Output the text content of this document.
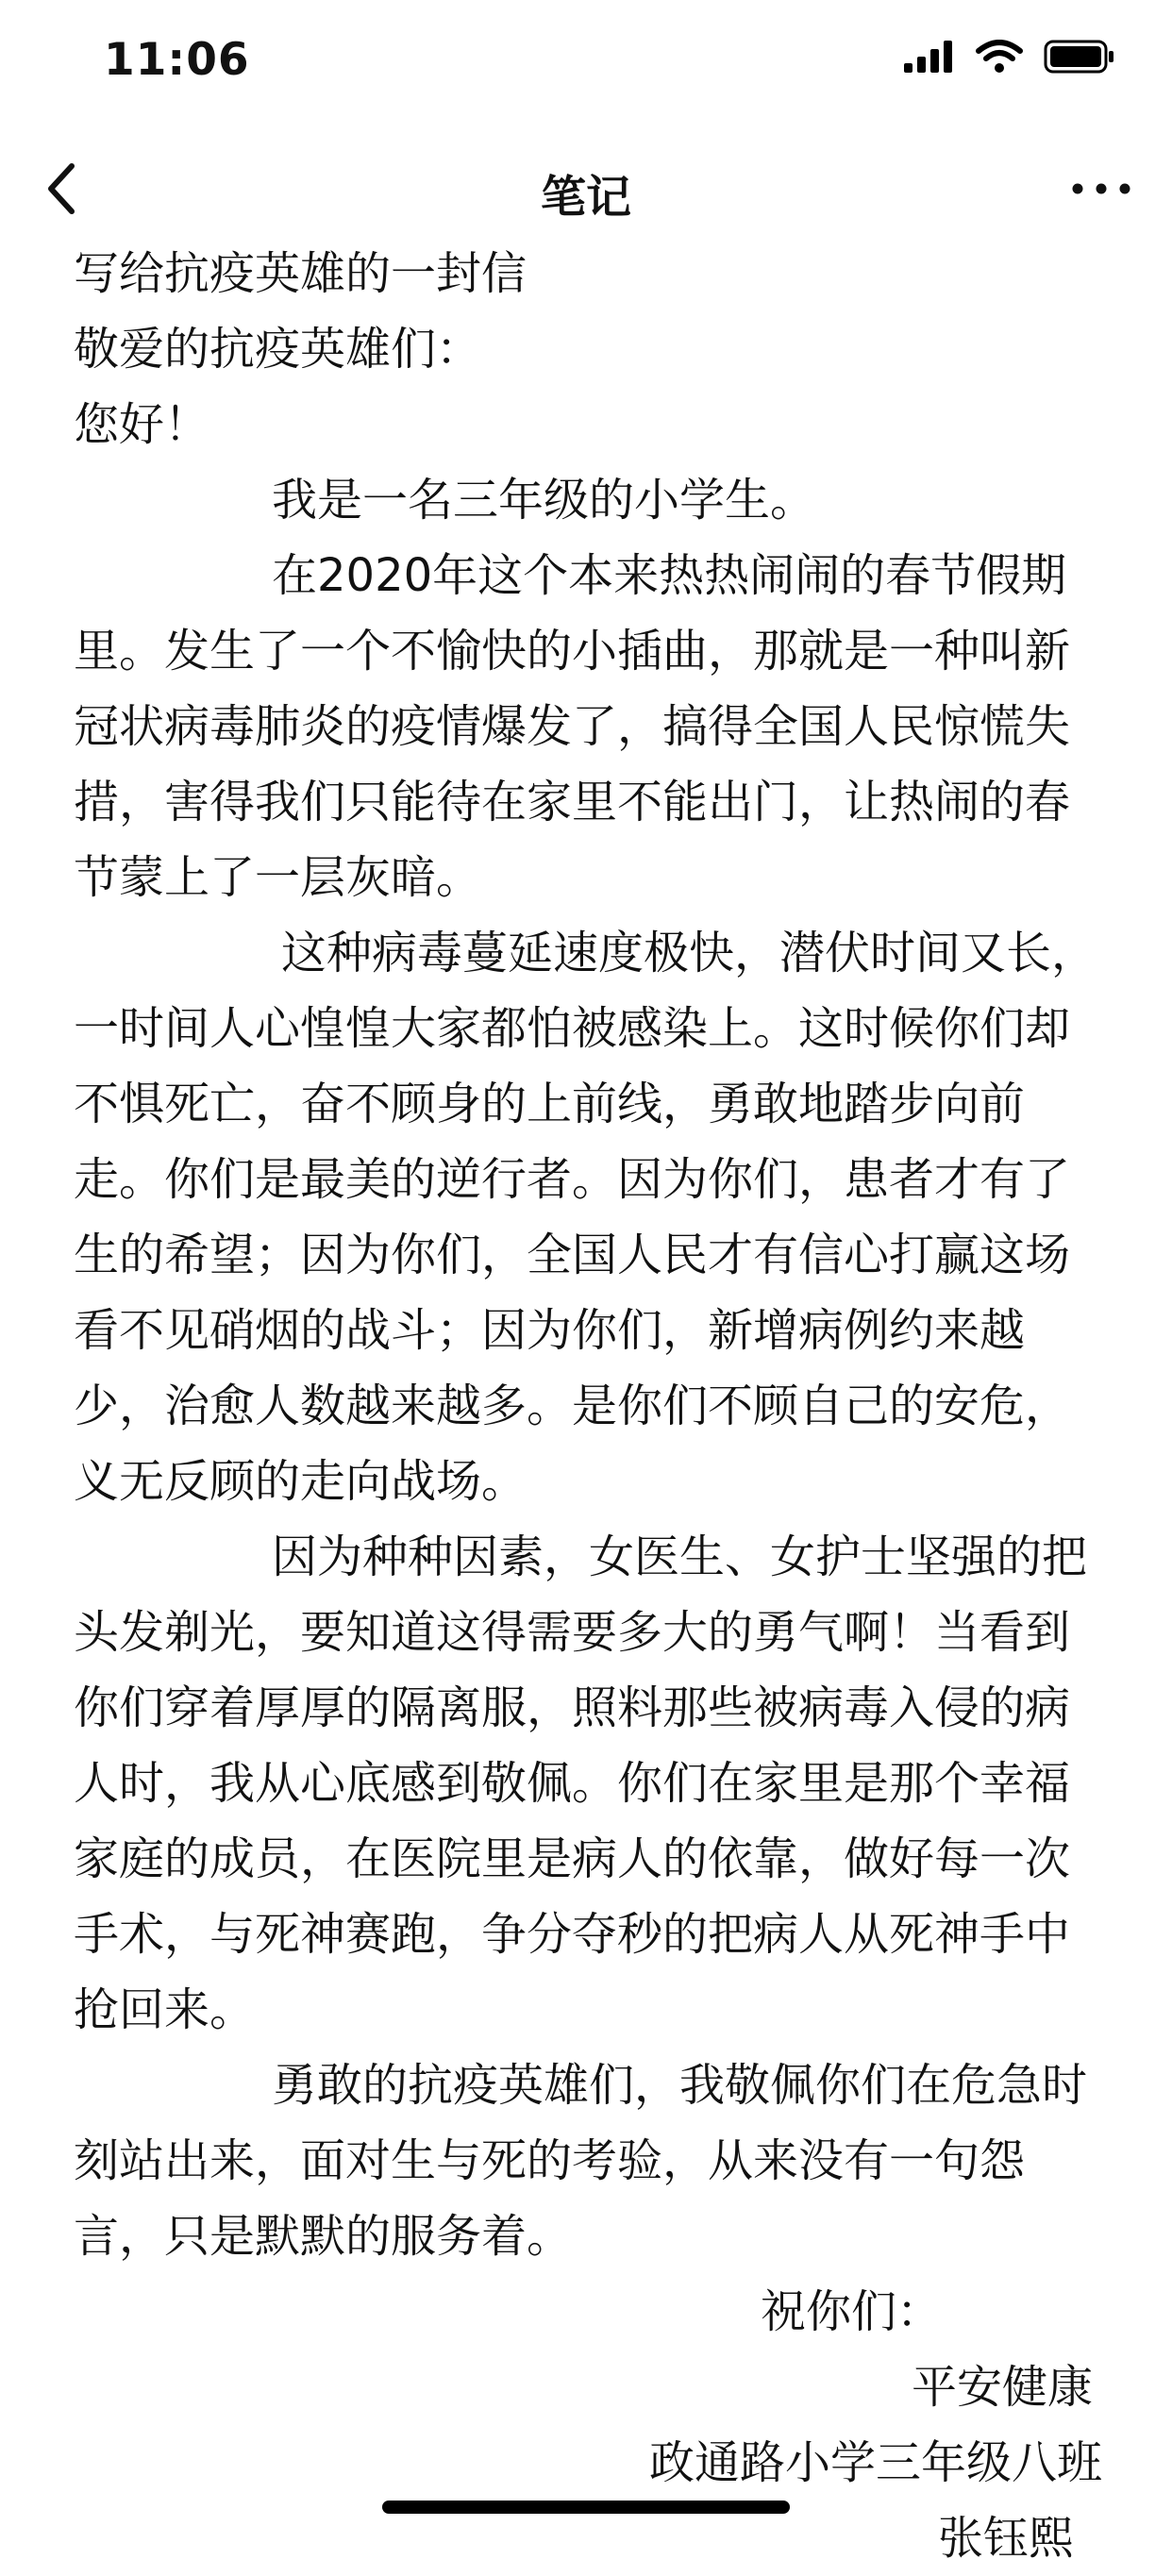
11:06
笔记

写给抗疫英雄的一封信

敬爱的抗疫英雄们：

您好！

我是一名三年级的小学生。

在2020年这个本来热热闹闹的春节假期里。发生了一个不愉快的小插曲，那就是一种叫新冠状病毒肺炎的疫情爆发了，搞得全国人民惊慌失措，害得我们只能待在家里不能出门，让热闹的春节蒙上了一层灰暗。

这种病毒蔓延速度极快，潜伏时间又长，一时间人心惶惶大家都怕被感染上。这时候你们却不惧死亡，奋不顾身的上前线，勇敢地踏步向前走。你们是最美的逆行者。因为你们，患者才有了生的希望；因为你们，全国人民才有信心打赢这场看不见硝烟的战斗；因为你们，新增病例约来越少，治愈人数越来越多。是你们不顾自己的安危，义无反顾的走向战场。

因为种种因素，女医生、女护士坚强的把头发剃光，要知道这得需要多大的勇气啊！当看到你们穿着厚厚的隔离服，照料那些被病毒入侵的病人时，我从心底感到敬佩。你们在家里是那个幸福家庭的成员，在医院里是病人的依靠，做好每一次手术，与死神赛跑，争分夺秒的把病人从死神手中抢回来。

勇敢的抗疫英雄们，我敬佩你们在危急时刻站出来，面对生与死的考验，从来没有一句怨言，只是默默的服务着。

祝你们：

平安健康

政通路小学三年级八班

张钰熙
